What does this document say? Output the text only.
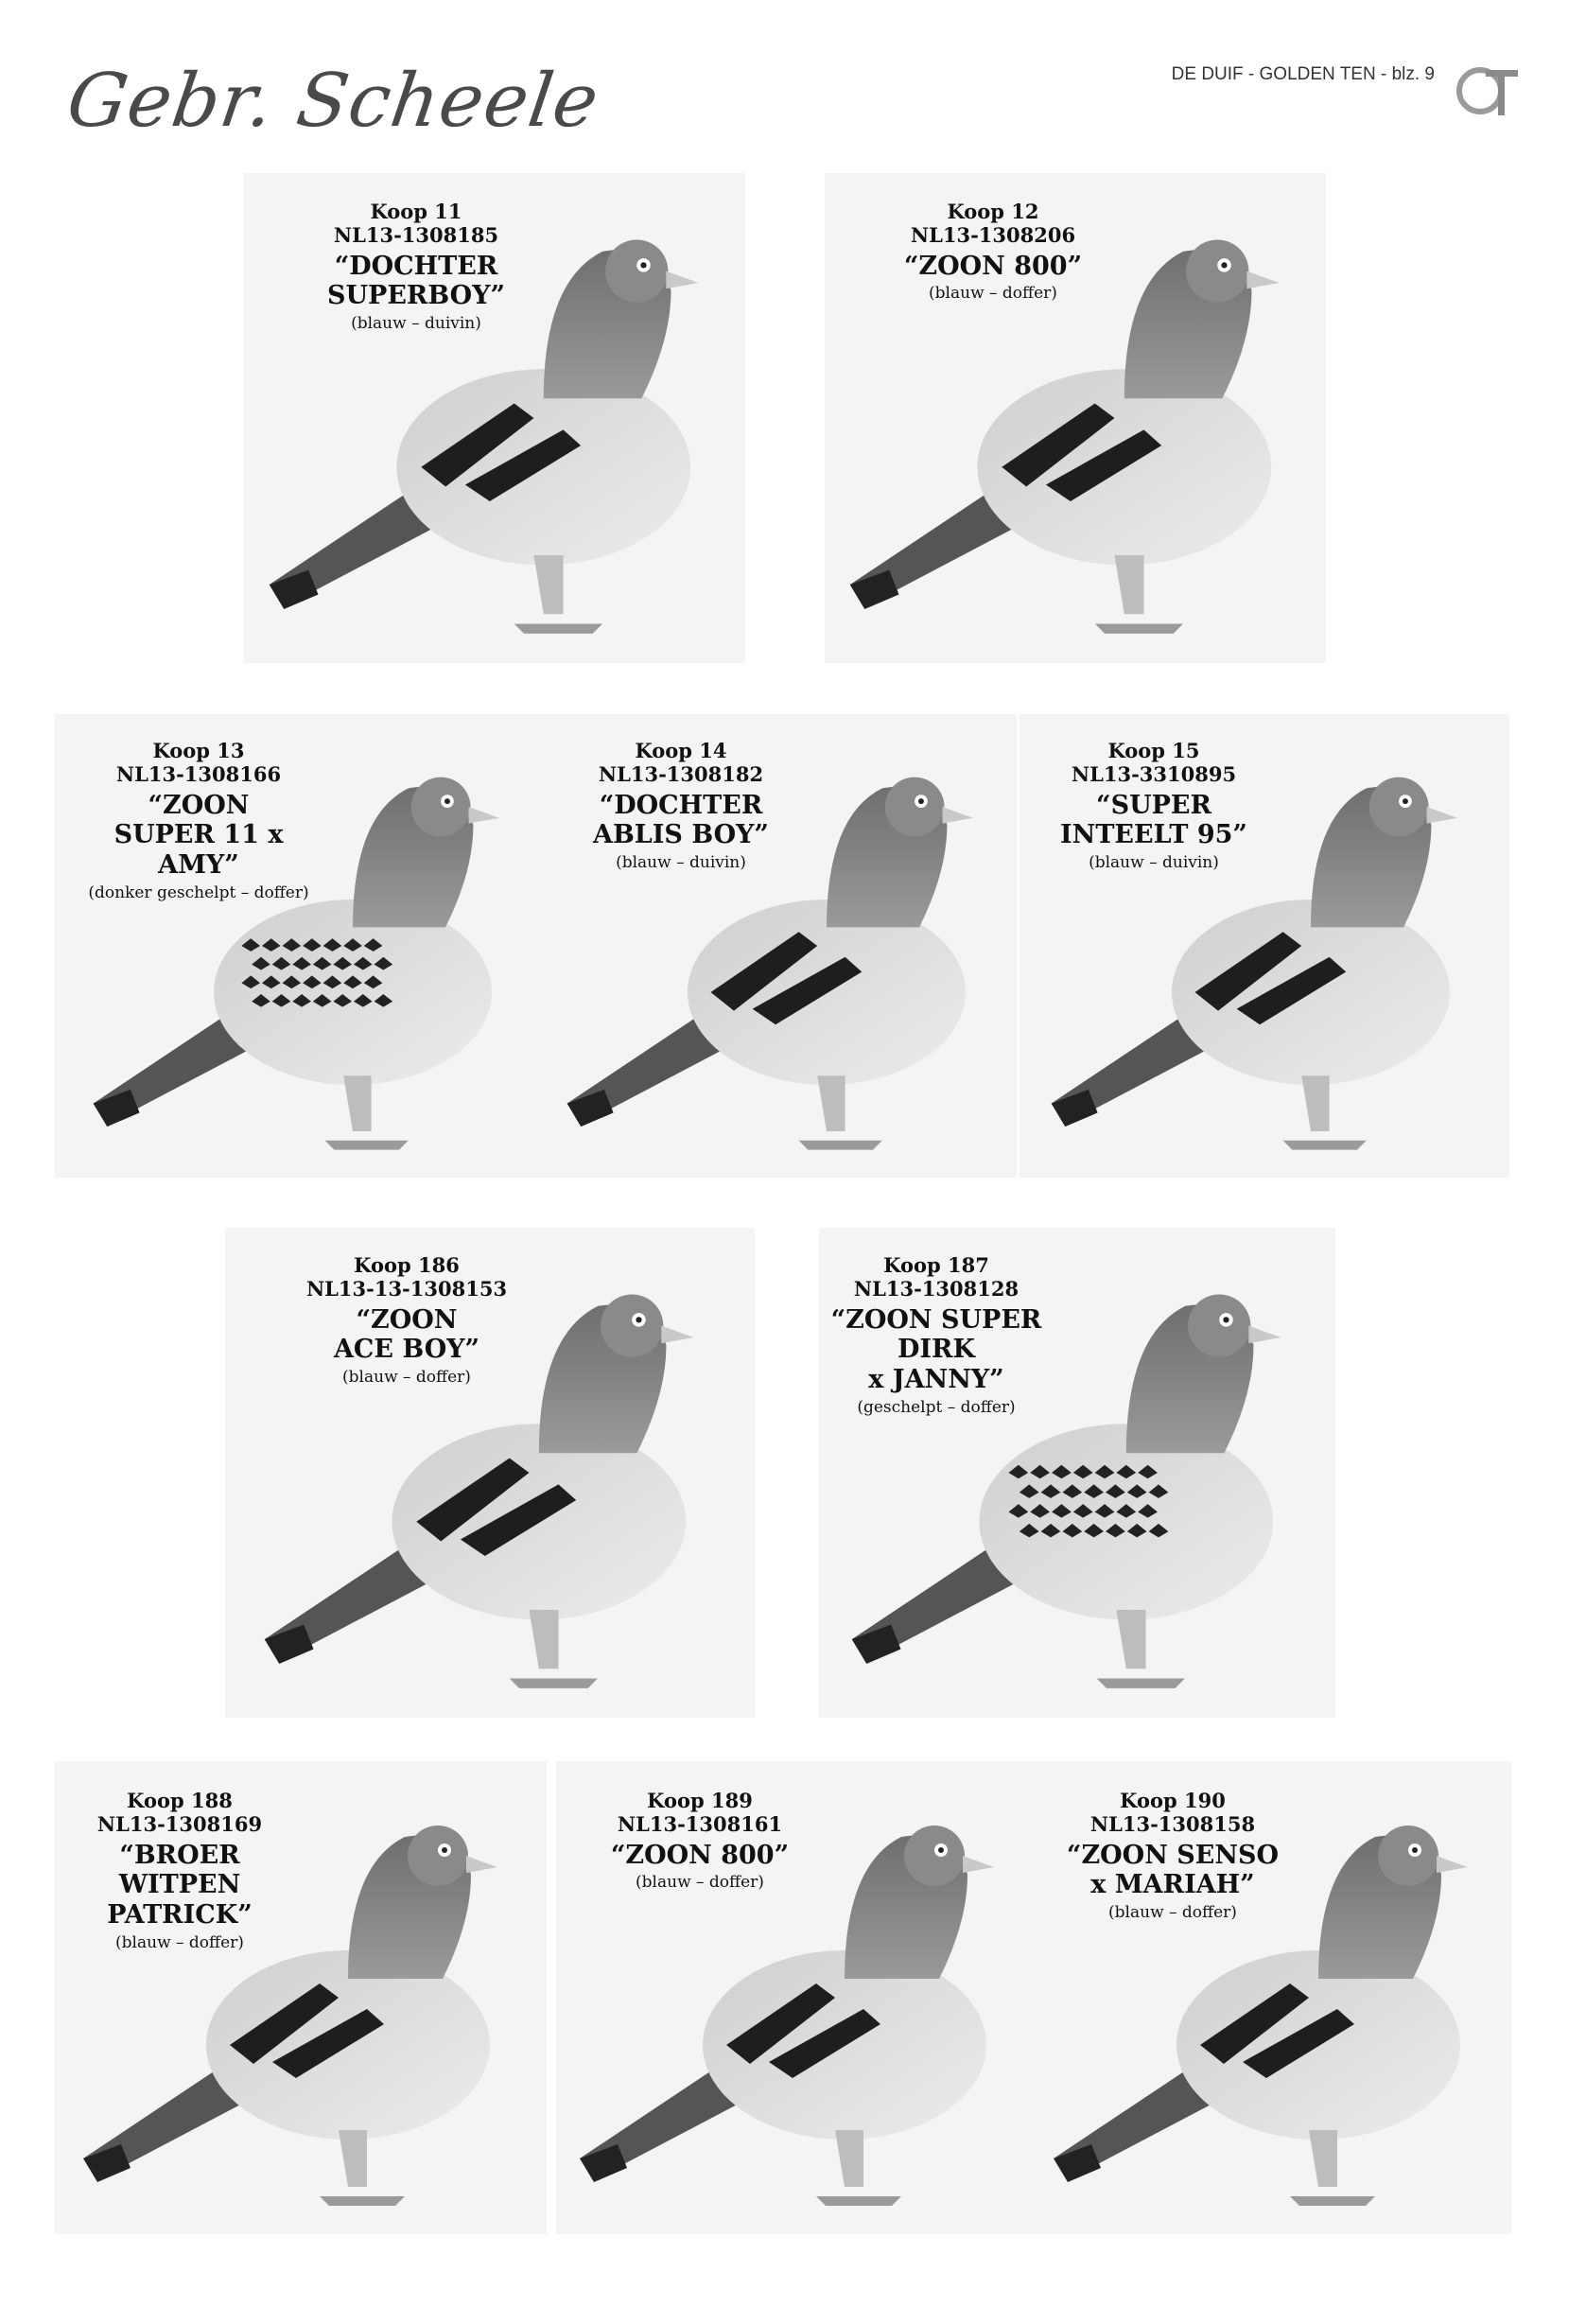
Gebr. Scheele	DE DUIF - GOLDEN TEN - blz. 9
Koop 11
NL13-1308185
“DOCHTER
SUPERBOY”
(blauw – duivin)
Koop 12
NL13-1308206
“ZOON 800”
(blauw – doffer)
Koop 13
NL13-1308166
“ZOON
SUPER 11 x AMY”
(donker geschelpt – doffer)
Koop 14
NL13-1308182
“DOCHTER
ABLIS BOY”
(blauw – duivin)
Koop 15
NL13-3310895
“SUPER
INTEELT 95”
(blauw – duivin)
Koop 186
NL13-13-1308153
“ZOON
ACE BOY”
(blauw – doffer)
Koop 187
NL13-1308128
“ZOON SUPER DIRK
x JANNY”
(geschelpt – doffer)
Koop 188
NL13-1308169
“BROER
WITPEN PATRICK”
(blauw – doffer)
Koop 189
NL13-1308161
“ZOON 800”
(blauw – doffer)
Koop 190
NL13-1308158
“ZOON SENSO
x MARIAH”
(blauw – doffer)
